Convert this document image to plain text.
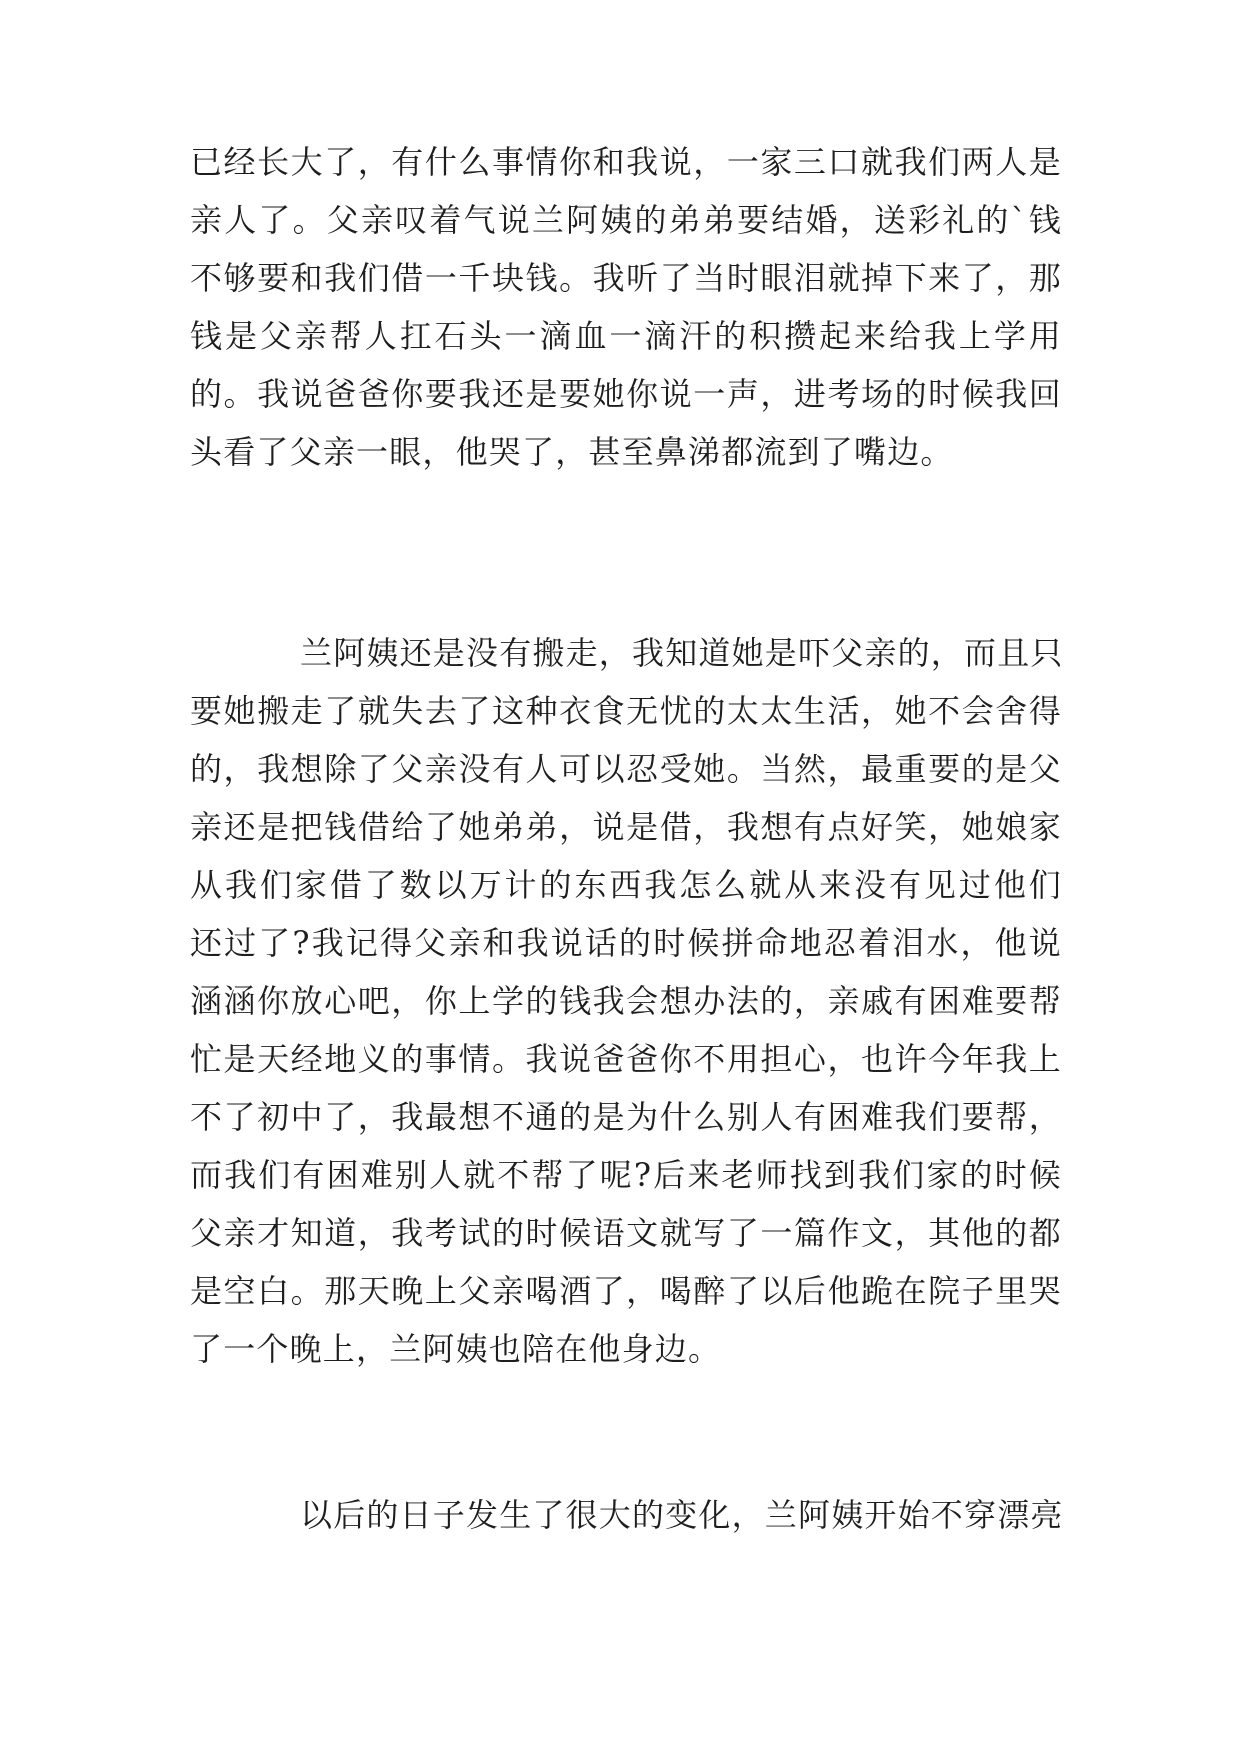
已经长大了，有什么事情你和我说，一家三口就我们两人是
亲人了。父亲叹着气说兰阿姨的弟弟要结婚，送彩礼的`钱
不够要和我们借一千块钱。我听了当时眼泪就掉下来了，那
钱是父亲帮人扛石头一滴血一滴汗的积攒起来给我上学用
的。我说爸爸你要我还是要她你说一声，进考场的时候我回
头看了父亲一眼，他哭了，甚至鼻涕都流到了嘴边。
兰阿姨还是没有搬走，我知道她是吓父亲的，而且只
要她搬走了就失去了这种衣食无忧的太太生活，她不会舍得
的，我想除了父亲没有人可以忍受她。当然，最重要的是父
亲还是把钱借给了她弟弟，说是借，我想有点好笑，她娘家
从我们家借了数以万计的东西我怎么就从来没有见过他们
还过了?我记得父亲和我说话的时候拼命地忍着泪水，他说
涵涵你放心吧，你上学的钱我会想办法的，亲戚有困难要帮
忙是天经地义的事情。我说爸爸你不用担心，也许今年我上
不了初中了，我最想不通的是为什么别人有困难我们要帮，
而我们有困难别人就不帮了呢?后来老师找到我们家的时候
父亲才知道，我考试的时候语文就写了一篇作文，其他的都
是空白。那天晚上父亲喝酒了，喝醉了以后他跪在院子里哭
了一个晚上，兰阿姨也陪在他身边。
以后的日子发生了很大的变化，兰阿姨开始不穿漂亮
